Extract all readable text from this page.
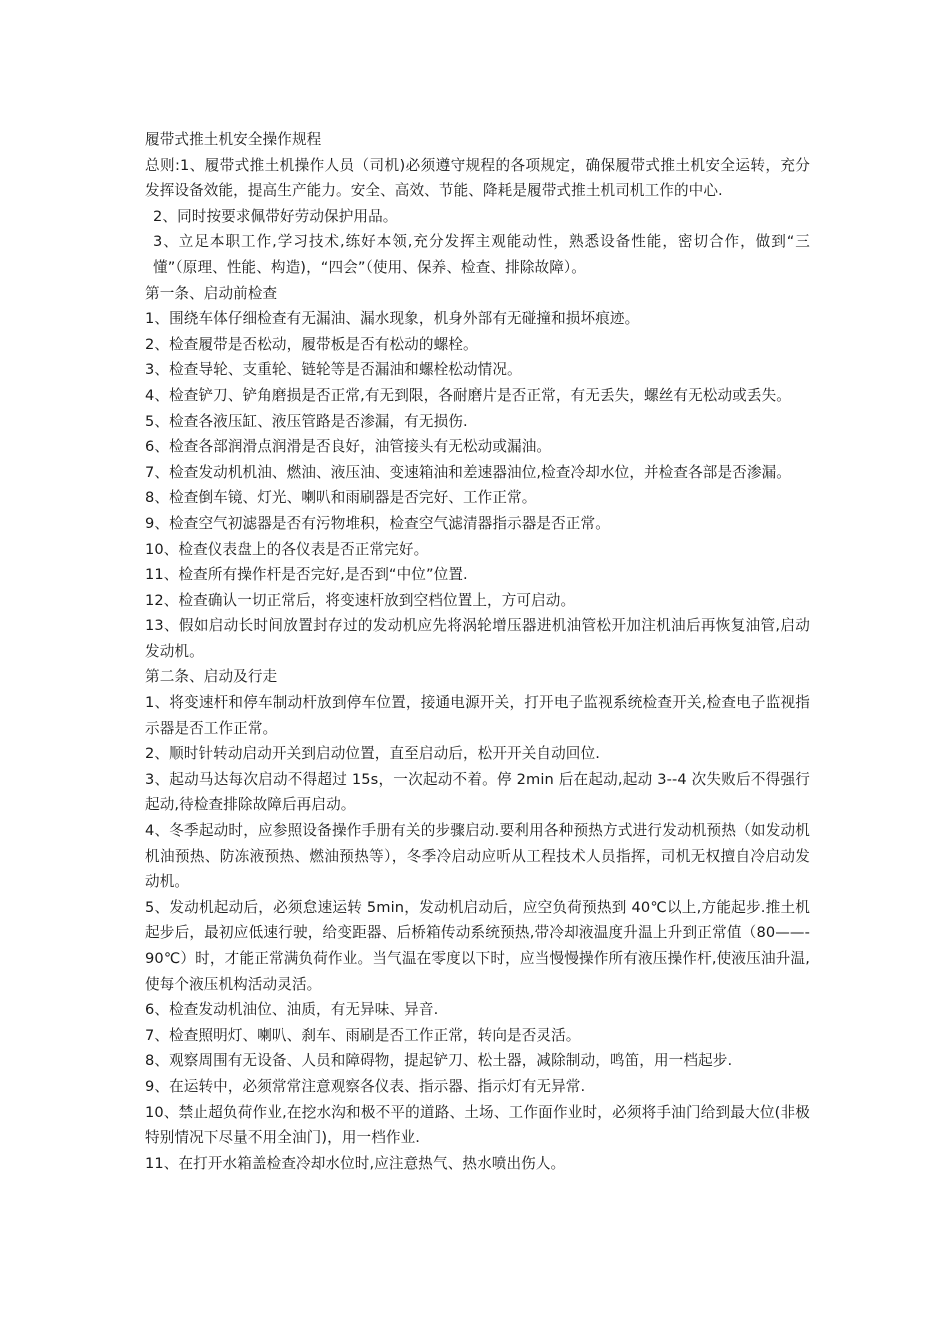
履带式推土机安全操作规程

总则:1、履带式推土机操作人员（司机)必须遵守规程的各项规定，确保履带式推土机安全运转，充分发挥设备效能，提高生产能力。安全、高效、节能、降耗是履带式推土机司机工作的中心.

2、同时按要求佩带好劳动保护用品。

3、立足本职工作,学习技术,练好本领,充分发挥主观能动性，熟悉设备性能，密切合作，做到“三懂”（原理、性能、构造)，“四会”（使用、保养、检查、排除故障）。

第一条、启动前检查

1、围绕车体仔细检查有无漏油、漏水现象，机身外部有无碰撞和损坏痕迹。

2、检查履带是否松动，履带板是否有松动的螺栓。

3、检查导轮、支重轮、链轮等是否漏油和螺栓松动情况。

4、检查铲刀、铲角磨损是否正常,有无到限，各耐磨片是否正常，有无丢失，螺丝有无松动或丢失。

5、检查各液压缸、液压管路是否渗漏，有无损伤.

6、检查各部润滑点润滑是否良好，油管接头有无松动或漏油。

7、检查发动机机油、燃油、液压油、变速箱油和差速器油位,检查冷却水位，并检查各部是否渗漏。

8、检查倒车镜、灯光、喇叭和雨刷器是否完好、工作正常。

9、检查空气初滤器是否有污物堆积，检查空气滤清器指示器是否正常。

10、检查仪表盘上的各仪表是否正常完好。

11、检查所有操作杆是否完好,是否到“中位”位置.

12、检查确认一切正常后，将变速杆放到空档位置上，方可启动。

13、假如启动长时间放置封存过的发动机应先将涡轮增压器进机油管松开加注机油后再恢复油管,启动发动机。

第二条、启动及行走

1、将变速杆和停车制动杆放到停车位置，接通电源开关，打开电子监视系统检查开关,检查电子监视指示器是否工作正常。

2、顺时针转动启动开关到启动位置，直至启动后，松开开关自动回位.

3、起动马达每次启动不得超过 15s，一次起动不着。停 2min 后在起动,起动 3--4 次失败后不得强行起动,待检查排除故障后再启动。

4、冬季起动时，应参照设备操作手册有关的步骤启动.要利用各种预热方式进行发动机预热（如发动机机油预热、防冻液预热、燃油预热等），冬季冷启动应听从工程技术人员指挥，司机无权擅自冷启动发动机。

5、发动机起动后，必须怠速运转 5min，发动机启动后，应空负荷预热到 40℃以上,方能起步.推土机起步后，最初应低速行驶，给变距器、后桥箱传动系统预热,带冷却液温度升温上升到正常值（80——-90℃）时，才能正常满负荷作业。当气温在零度以下时，应当慢慢操作所有液压操作杆,使液压油升温,使每个液压机构活动灵活。

6、检查发动机油位、油质，有无异味、异音.

7、检查照明灯、喇叭、刹车、雨刷是否工作正常，转向是否灵活。

8、观察周围有无设备、人员和障碍物，提起铲刀、松土器，减除制动，鸣笛，用一档起步.

9、在运转中，必须常常注意观察各仪表、指示器、指示灯有无异常.

10、禁止超负荷作业,在挖水沟和极不平的道路、土场、工作面作业时，必须将手油门给到最大位(非极特别情况下尽量不用全油门)，用一档作业.

11、在打开水箱盖检查冷却水位时,应注意热气、热水喷出伤人。
